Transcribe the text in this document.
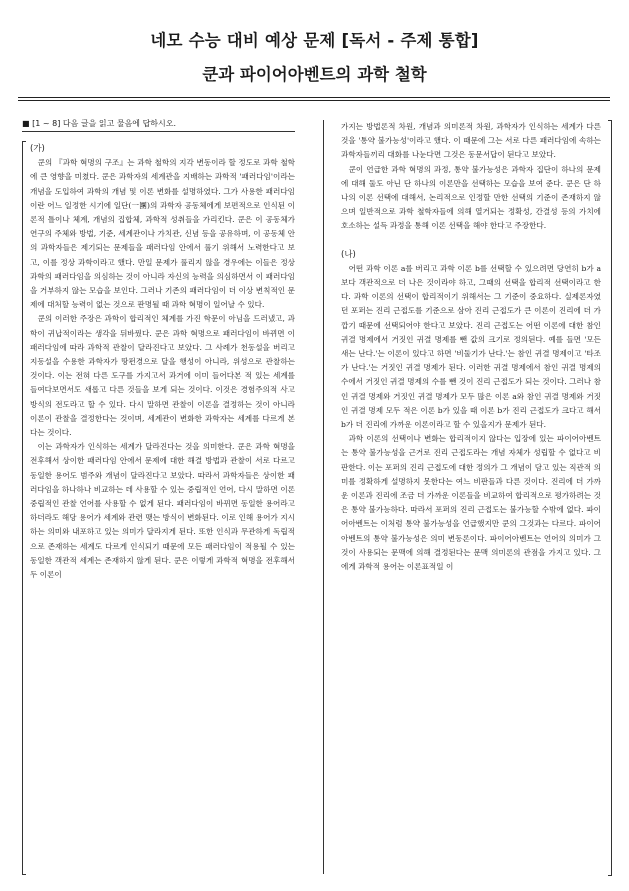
네모 수능 대비 예상 문제 [독서 - 주제 통합]
쿤과 파이어아벤트의 과학 철학
■ [1 ~ 8] 다음 글을 읽고 물음에 답하시오.
(가)

쿤의 『과학 혁명의 구조』는 과학 철학의 지각 변동이라 할 정도로 과학 철학에 큰 영향을 미쳤다. 쿤은 과학자의 세계관을 지배하는 과학적 '패러다임'이라는 개념을 도입하여 과학의 개념 및 이론 변화를 설명하였다. 그가 사용한 패러다임이란 어느 일정한 시기에 일단(一團)의 과학자 공동체에게 보편적으로 인식된 이론적 틀이나 체계, 개념의 집합체, 과학적 성취들을 가리킨다. 쿤은 이 공동체가 연구의 주체와 방법, 기준, 세계관이나 가치관, 신념 등을 공유하며, 이 공동체 안의 과학자들은 제기되는 문제들을 패러다임 안에서 풀기 위해서 노력한다고 보고, 이를 정상 과학이라고 했다. 만일 문제가 풀리지 않을 경우에는 이들은 정상 과학의 패러다임을 의심하는 것이 아니라 자신의 능력을 의심하면서 이 패러다임을 거부하지 않는 모습을 보인다. 그러나 기존의 패러다임이 더 이상 변칙적인 문제에 대처할 능력이 없는 것으로 판명될 때 과학 혁명이 일어날 수 있다.

쿤의 이러한 주장은 과학이 합리적인 체계를 가진 학문이 아님을 드러냈고, 과학이 귀납적이라는 생각을 뒤바꿨다. 쿤은 과학 혁명으로 패러다임이 바뀌면 이 패러다임에 따라 과학적 관찰이 달라진다고 보았다. 그 사례가 천동설을 버리고 지동설을 수용한 과학자가 땅펀경으로 달을 행성이 아니라, 위성으로 관찰하는 것이다. 이는 전혀 다른 도구를 가지고서 과거에 이미 들어다본 적 있는 세계를 들여다보면서도 새롭고 다른 것들을 보게 되는 것이다. 이것은 경험주의적 사고방식의 전도라고 할 수 있다. 다시 말하면 관찰이 이론을 결정하는 것이 아니라 이론이 관찰을 결정한다는 것이며, 세계관이 변화한 과학자는 세계를 다르게 본다는 것이다.

이는 과학자가 인식하는 세계가 달라진다는 것을 의미한다. 쿤은 과학 혁명을 전후해서 상이한 패러다임 안에서 문제에 대한 해결 방법과 관찰이 서로 다르고 동일한 용어도 범주와 개념이 달라진다고 보았다. 따라서 과학자들은 상이한 패러다임을 하나하나 비교하는 데 사용할 수 있는 중립적인 언어, 다시 말하면 이론 중립적인 관찰 언어를 사용할 수 없게 된다. 패러다임이 바뀌면 동일한 용어라고 하더라도 해당 용어가 세계와 관련 맺는 방식이 변화된다. 이로 인해 용어가 지시하는 의미와 내포하고 있는 의미가 달라지게 된다. 또한 인식과 무관하게 독립적으로 존재하는 세계도 다르게 인식되기 때문에 모든 패러다임이 적용될 수 있는 동일한 객관적 세계는 존재하지 않게 된다. 쿤은 이렇게 과학적 혁명을 전후해서 두 이론이

가지는 방법론적 차원, 개념과 의미론적 차원, 과학자가 인식하는 세계가 다른 것을 '통약 불가능성'이라고 했다. 이 때문에 그는 서로 다른 패러다임에 속하는 과학자들끼리 대화를 나눈다면 그것은 동문서답이 된다고 보았다.

쿤이 언급한 과학 혁명의 과정, 통약 불가능성은 과학자 집단이 하나의 문제에 대해 둘도 아닌 단 하나의 이론만을 선택하는 모습을 보여 준다. 쿤은 단 하나의 이론 선택에 대해서, 논리적으로 인정할 만한 선택의 기준이 존재하지 않으며 일반적으로 과학 철학자들에 의해 열거되는 정확성, 간결성 등의 가치에 호소하는 설득 과정을 통해 이론 선택을 해야 한다고 주장한다.

(나)

어떤 과학 이론 a를 버리고 과학 이론 b를 선택할 수 있으려면 당연히 b가 a보다 객관적으로 더 나은 것이라야 하고, 그때의 선택을 합리적 선택이라고 한다. 과학 이론의 선택이 합리적이기 위해서는 그 기준이 중요하다. 실제론자였던 포퍼는 진리 근접도를 기준으로 삼아 진리 근접도가 큰 이론이 진리에 더 가깝기 때문에 선택되어야 한다고 보았다. 진리 근접도는 어떤 이론에 대한 참인 귀결 명제에서 거짓인 귀결 명제를 뺀 값의 크기로 정의된다. 예를 들면 '모든 새는 난다.'는 이론이 있다고 하면 '비둘기가 난다.'는 참인 귀결 명제이고 '타조가 난다.'는 거짓인 귀결 명제가 된다. 이러한 귀결 명제에서 참인 귀결 명제의 수에서 거짓인 귀결 명제의 수를 뺀 것이 진리 근접도가 되는 것이다. 그러나 참인 귀결 명제와 거짓인 귀결 명제가 모두 많은 이론 a와 참인 귀결 명제와 거짓인 귀결 명제 모두 적은 이론 b가 있을 때 이론 b가 진리 근접도가 크다고 해서 b가 더 진리에 가까운 이론이라고 할 수 있을지가 문제가 된다.

과학 이론의 선택이나 변화는 합리적이지 않다는 입장에 있는 파이어아벤트는 통약 불가능성을 근거로 진리 근접도라는 개념 자체가 성립할 수 없다고 비판한다. 이는 포퍼의 진리 근접도에 대한 정의가 그 개념이 담고 있는 직관적 의미를 정확하게 설명하지 못한다는 여느 비판들과 다른 것이다. 진리에 더 가까운 이론과 진리에 조금 더 가까운 이론들을 비교하여 합리적으로 평가하려는 것은 통약 불가능하다. 따라서 포퍼의 진리 근접도는 불가능할 수밖에 없다. 파이어아벤트는 이처럼 통약 불가능성을 언급했지만 쿤의 그것과는 다르다. 파이어아벤트의 통약 불가능성은 의미 변동론이다. 파이어아벤트는 언어의 의미가 그것이 사용되는 문맥에 의해 결정된다는 문맥 의미론의 관점을 가지고 있다. 그에게 과학적 용어는 이론표적일 이
